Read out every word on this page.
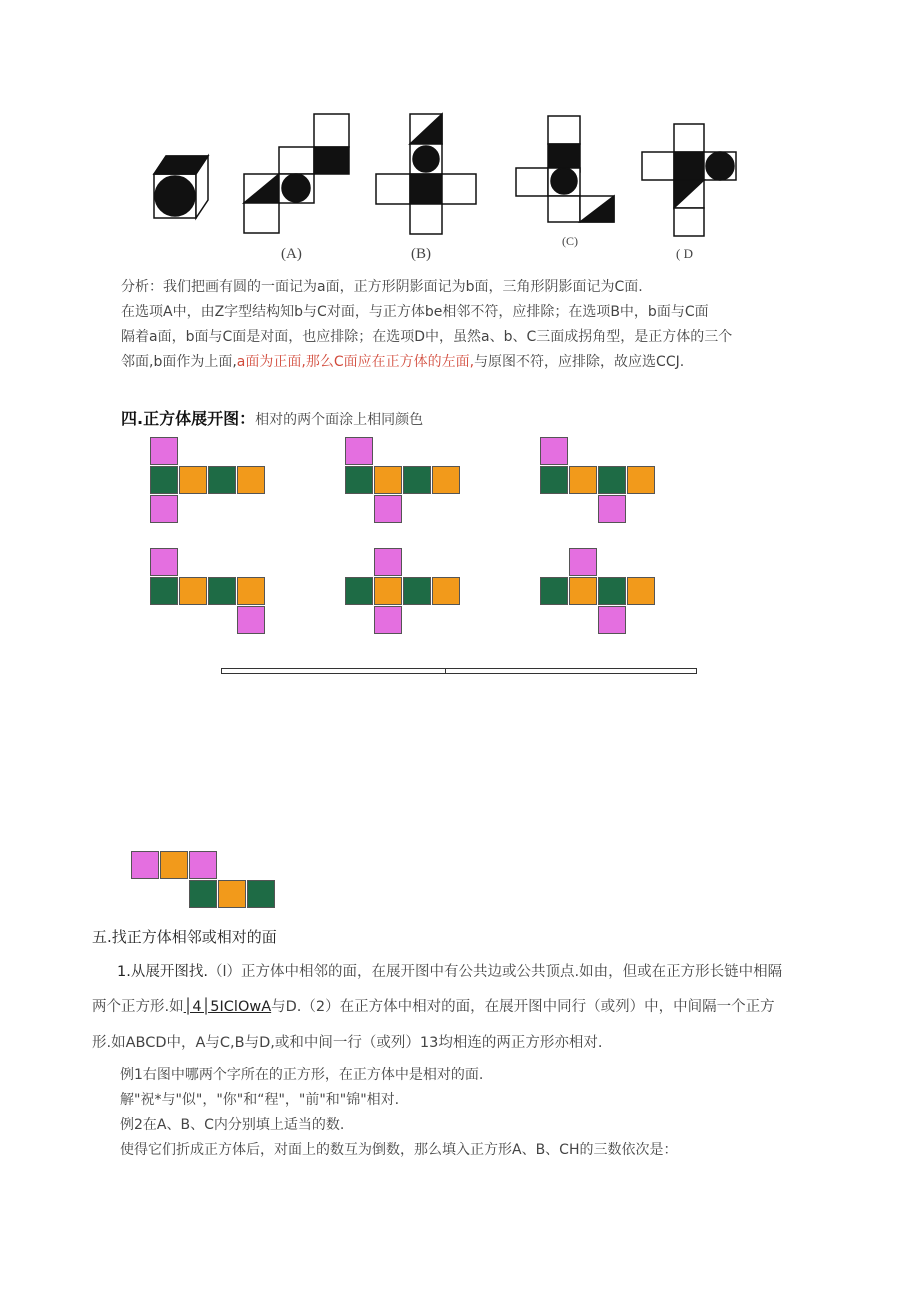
(A)	(B)
(C)
( D
分析：我们把画有圆的一面记为a面，正方形阴影面记为b面，三角形阴影面记为C面.
在选项A中，由Z字型结构知b与C对面，与正方体be相邻不符，应排除；在选项B中，b面与C面
隔着a面，b面与C面是对面，也应排除；在选项D中，虽然a、b、C三面成拐角型，是正方体的三个
邻面,b面作为上面,a面为正面,那么C面应在正方体的左面,与原图不符，应排除，故应选CCJ.
四.正方体展开图：相对的两个面涂上相同颜色
五.找正方体相邻或相对的面
1.从展开图找.（l）正方体中相邻的面，在展开图中有公共边或公共顶点.如由，但或在正方形长链中相隔
两个正方形.如│4│5IClOwA与D.（2）在正方体中相对的面，在展开图中同行（或列）中，中间隔一个正方
形.如ABCD中，A与C,B与D,或和中间一行（或列）13均相连的两正方形亦相对.
例1右图中哪两个字所在的正方形，在正方体中是相对的面.
解"祝*与"似"，"你"和“程"，"前"和"锦"相对.
例2在A、B、C内分别填上适当的数.
使得它们折成正方体后，对面上的数互为倒数，那么填入正方形A、B、CH的三数依次是：
